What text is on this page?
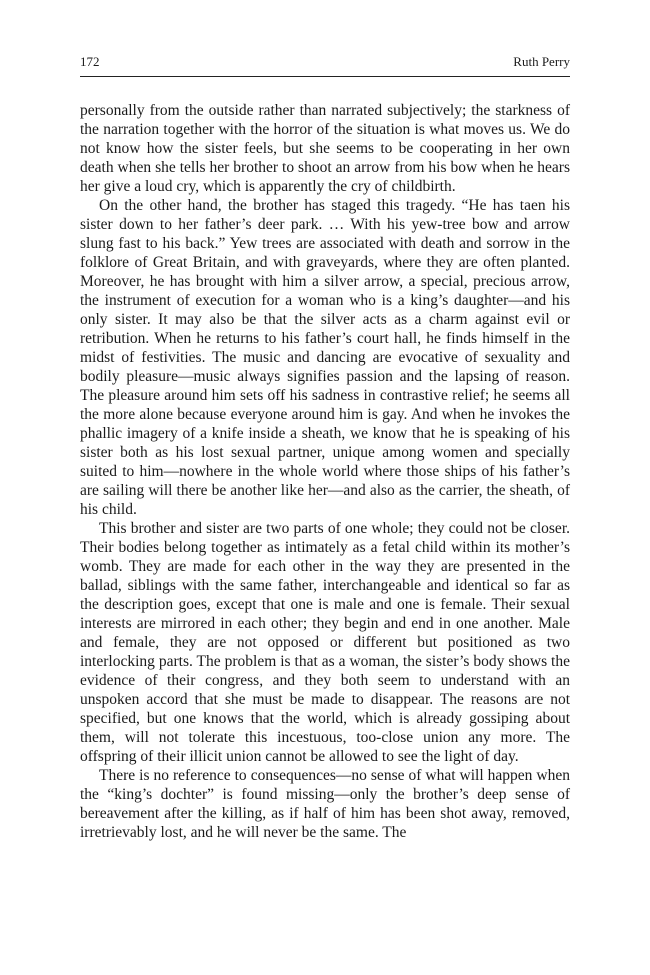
172	Ruth Perry

personally from the outside rather than narrated subjectively; the starkness of the narration together with the horror of the situation is what moves us. We do not know how the sister feels, but she seems to be cooperating in her own death when she tells her brother to shoot an arrow from his bow when he hears her give a loud cry, which is apparently the cry of childbirth.

On the other hand, the brother has staged this tragedy. “He has taen his sister down to her father’s deer park. … With his yew-tree bow and arrow slung fast to his back.” Yew trees are associated with death and sorrow in the folklore of Great Britain, and with graveyards, where they are often planted. Moreover, he has brought with him a silver arrow, a special, precious arrow, the instrument of execution for a woman who is a king’s daughter—and his only sister. It may also be that the silver acts as a charm against evil or retribution. When he returns to his father’s court hall, he finds himself in the midst of festivities. The music and dancing are evocative of sexuality and bodily pleasure—music always signifies passion and the lapsing of reason. The pleasure around him sets off his sadness in contrastive relief; he seems all the more alone because everyone around him is gay. And when he invokes the phallic imagery of a knife inside a sheath, we know that he is speaking of his sister both as his lost sexual partner, unique among women and specially suited to him—nowhere in the whole world where those ships of his father’s are sailing will there be another like her—and also as the carrier, the sheath, of his child.

This brother and sister are two parts of one whole; they could not be closer. Their bodies belong together as intimately as a fetal child within its mother’s womb. They are made for each other in the way they are presented in the ballad, siblings with the same father, interchangeable and identical so far as the description goes, except that one is male and one is female. Their sexual interests are mirrored in each other; they begin and end in one another. Male and female, they are not opposed or different but positioned as two interlocking parts. The problem is that as a woman, the sister’s body shows the evidence of their congress, and they both seem to understand with an unspoken accord that she must be made to disappear. The reasons are not specified, but one knows that the world, which is already gossiping about them, will not tolerate this incestuous, too-close union any more. The offspring of their illicit union cannot be allowed to see the light of day.

There is no reference to consequences—no sense of what will happen when the “king’s dochter” is found missing—only the brother’s deep sense of bereavement after the killing, as if half of him has been shot away, removed, irretrievably lost, and he will never be the same. The
